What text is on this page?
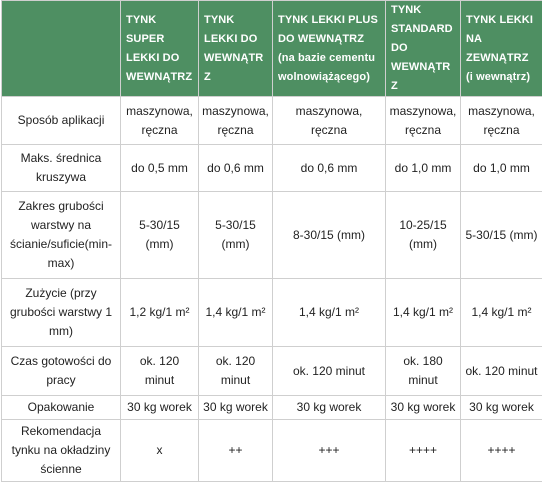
	TYNK SUPER LEKKI DO WEWNĄTRZ	TYNK LEKKI DO WEWNĄTRZ	TYNK LEKKI PLUS DO WEWNĄTRZ (na bazie cementu wolnowiążącego)	TYNK STANDARD DO WEWNĄTRZ	TYNK LEKKI NA ZEWNĄTRZ (i wewnątrz)
Sposób aplikacji	maszynowa, ręczna	maszynowa, ręczna	maszynowa, ręczna	maszynowa, ręczna	maszynowa, ręczna
Maks. średnica kruszywa	do 0,5 mm	do 0,6 mm	do 0,6 mm	do 1,0 mm	do 1,0 mm
Zakres grubości warstwy na ścianie/suficie(min-max)	5-30/15 (mm)	5-30/15 (mm)	8-30/15 (mm)	10-25/15 (mm)	5-30/15 (mm)
Zużycie (przy grubości warstwy 1 mm)	1,2 kg/1 m²	1,4 kg/1 m²	1,4 kg/1 m²	1,4 kg/1 m²	1,4 kg/1 m²
Czas gotowości do pracy	ok. 120 minut	ok. 120 minut	ok. 120 minut	ok. 180 minut	ok. 120 minut
Opakowanie	30 kg worek	30 kg worek	30 kg worek	30 kg worek	30 kg worek
Rekomendacja tynku na okładziny ścienne	x	++	+++	++++	++++
